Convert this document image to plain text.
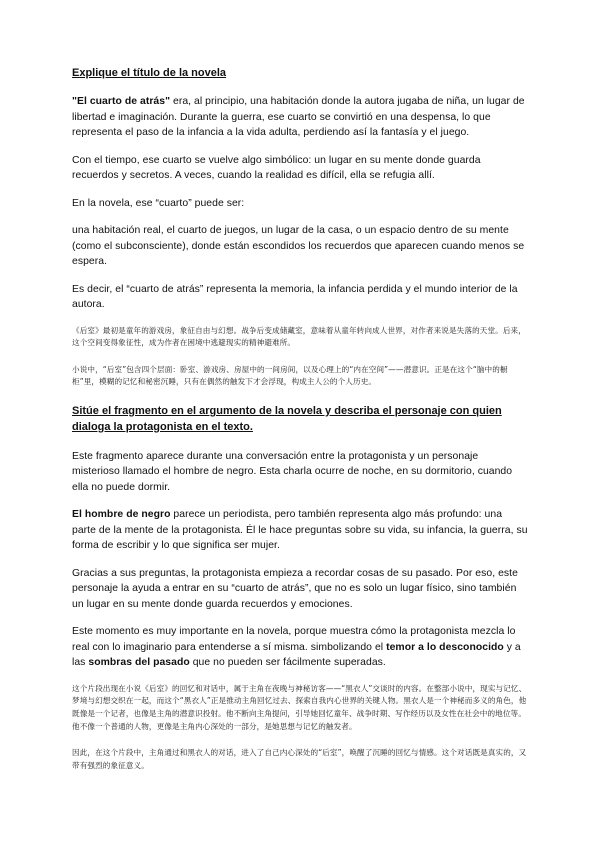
Explique el título de la novela

"El cuarto de atrás" era, al principio, una habitación donde la autora jugaba de niña, un lugar de libertad e imaginación. Durante la guerra, ese cuarto se convirtió en una despensa, lo que representa el paso de la infancia a la vida adulta, perdiendo así la fantasía y el juego.

Con el tiempo, ese cuarto se vuelve algo simbólico: un lugar en su mente donde guarda recuerdos y secretos. A veces, cuando la realidad es difícil, ella se refugia allí.

En la novela, ese “cuarto” puede ser:

una habitación real, el cuarto de juegos, un lugar de la casa, o un espacio dentro de su mente (como el subconsciente), donde están escondidos los recuerdos que aparecen cuando menos se espera.

Es decir, el “cuarto de atrás” representa la memoria, la infancia perdida y el mundo interior de la autora.

《后室》最初是童年的游戏房，象征自由与幻想。战争后变成储藏室，意味着从童年转向成人世界，对作者来说是失落的天堂。后来，这个空间变得象征性，成为作者在困境中逃避现实的精神避难所。

小说中，“后室”包含四个层面：卧室、游戏房、房屋中的一间房间，以及心理上的“内在空间”——潜意识。正是在这个“脑中的橱柜”里，模糊的记忆和秘密沉睡，只有在偶然的触发下才会浮现，构成主人公的个人历史。

Sitúe el fragmento en el argumento de la novela y describa el personaje con quien dialoga la protagonista en el texto.

Este fragmento aparece durante una conversación entre la protagonista y un personaje misterioso llamado el hombre de negro. Esta charla ocurre de noche, en su dormitorio, cuando ella no puede dormir.

El hombre de negro parece un periodista, pero también representa algo más profundo: una parte de la mente de la protagonista. Él le hace preguntas sobre su vida, su infancia, la guerra, su forma de escribir y lo que significa ser mujer.

Gracias a sus preguntas, la protagonista empieza a recordar cosas de su pasado. Por eso, este personaje la ayuda a entrar en su “cuarto de atrás”, que no es solo un lugar físico, sino también un lugar en su mente donde guarda recuerdos y emociones.

Este momento es muy importante en la novela, porque muestra cómo la protagonista mezcla lo real con lo imaginario para entenderse a sí misma. simbolizando el temor a lo desconocido y a las sombras del pasado que no pueden ser fácilmente superadas.

这个片段出现在小说《后室》的回忆和对话中，属于主角在夜晚与神秘访客——“黑衣人”交谈时的内容。在整部小说中，现实与记忆、梦境与幻想交织在一起，而这个“黑衣人”正是推动主角回忆过去、探索自我内心世界的关键人物。黑衣人是一个神秘而多义的角色，他既像是一个记者，也像是主角的潜意识投射。他不断向主角提问，引导她回忆童年、战争时期、写作经历以及女性在社会中的地位等。他不像一个普通的人物，更像是主角内心深处的一部分，是她思想与记忆的触发者。

因此，在这个片段中，主角通过和黑衣人的对话，进入了自己内心深处的“后室”，唤醒了沉睡的回忆与情感。这个对话既是真实的，又带有强烈的象征意义。
